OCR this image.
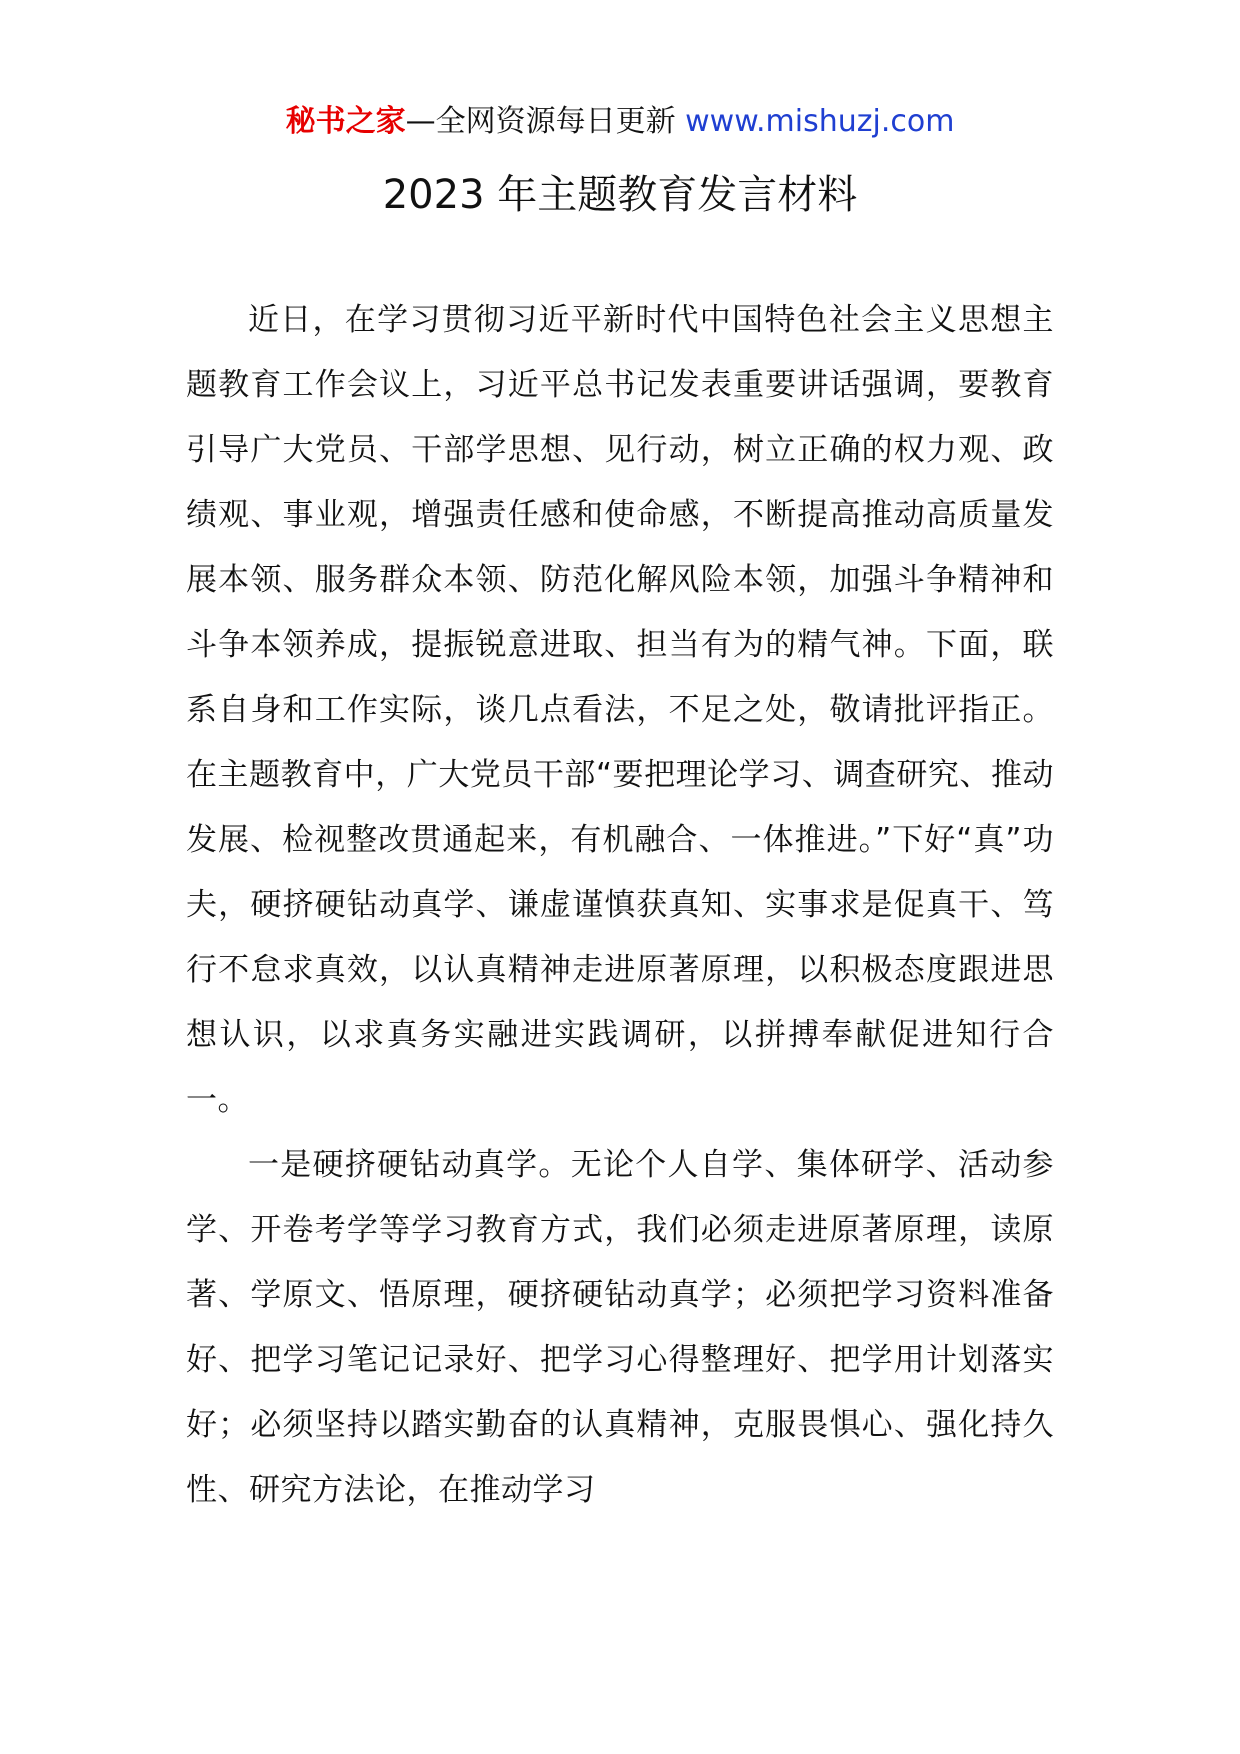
秘书之家—全网资源每日更新 www.mishuzj.com
2023 年主题教育发言材料

近日，在学习贯彻习近平新时代中国特色社会主义思想主题教育工作会议上，习近平总书记发表重要讲话强调，要教育引导广大党员、干部学思想、见行动，树立正确的权力观、政绩观、事业观，增强责任感和使命感，不断提高推动高质量发展本领、服务群众本领、防范化解风险本领，加强斗争精神和斗争本领养成，提振锐意进取、担当有为的精气神。下面，联系自身和工作实际，谈几点看法，不足之处，敬请批评指正。在主题教育中，广大党员干部“要把理论学习、调查研究、推动发展、检视整改贯通起来，有机融合、一体推进。”下好“真”功夫，硬挤硬钻动真学、谦虚谨慎获真知、实事求是促真干、笃行不怠求真效，以认真精神走进原著原理，以积极态度跟进思想认识，以求真务实融进实践调研，以拼搏奉献促进知行合一。

一是硬挤硬钻动真学。无论个人自学、集体研学、活动参学、开卷考学等学习教育方式，我们必须走进原著原理，读原著、学原文、悟原理，硬挤硬钻动真学；必须把学习资料准备好、把学习笔记记录好、把学习心得整理好、把学用计划落实好；必须坚持以踏实勤奋的认真精神，克服畏惧心、强化持久性、研究方法论，在推动学习
